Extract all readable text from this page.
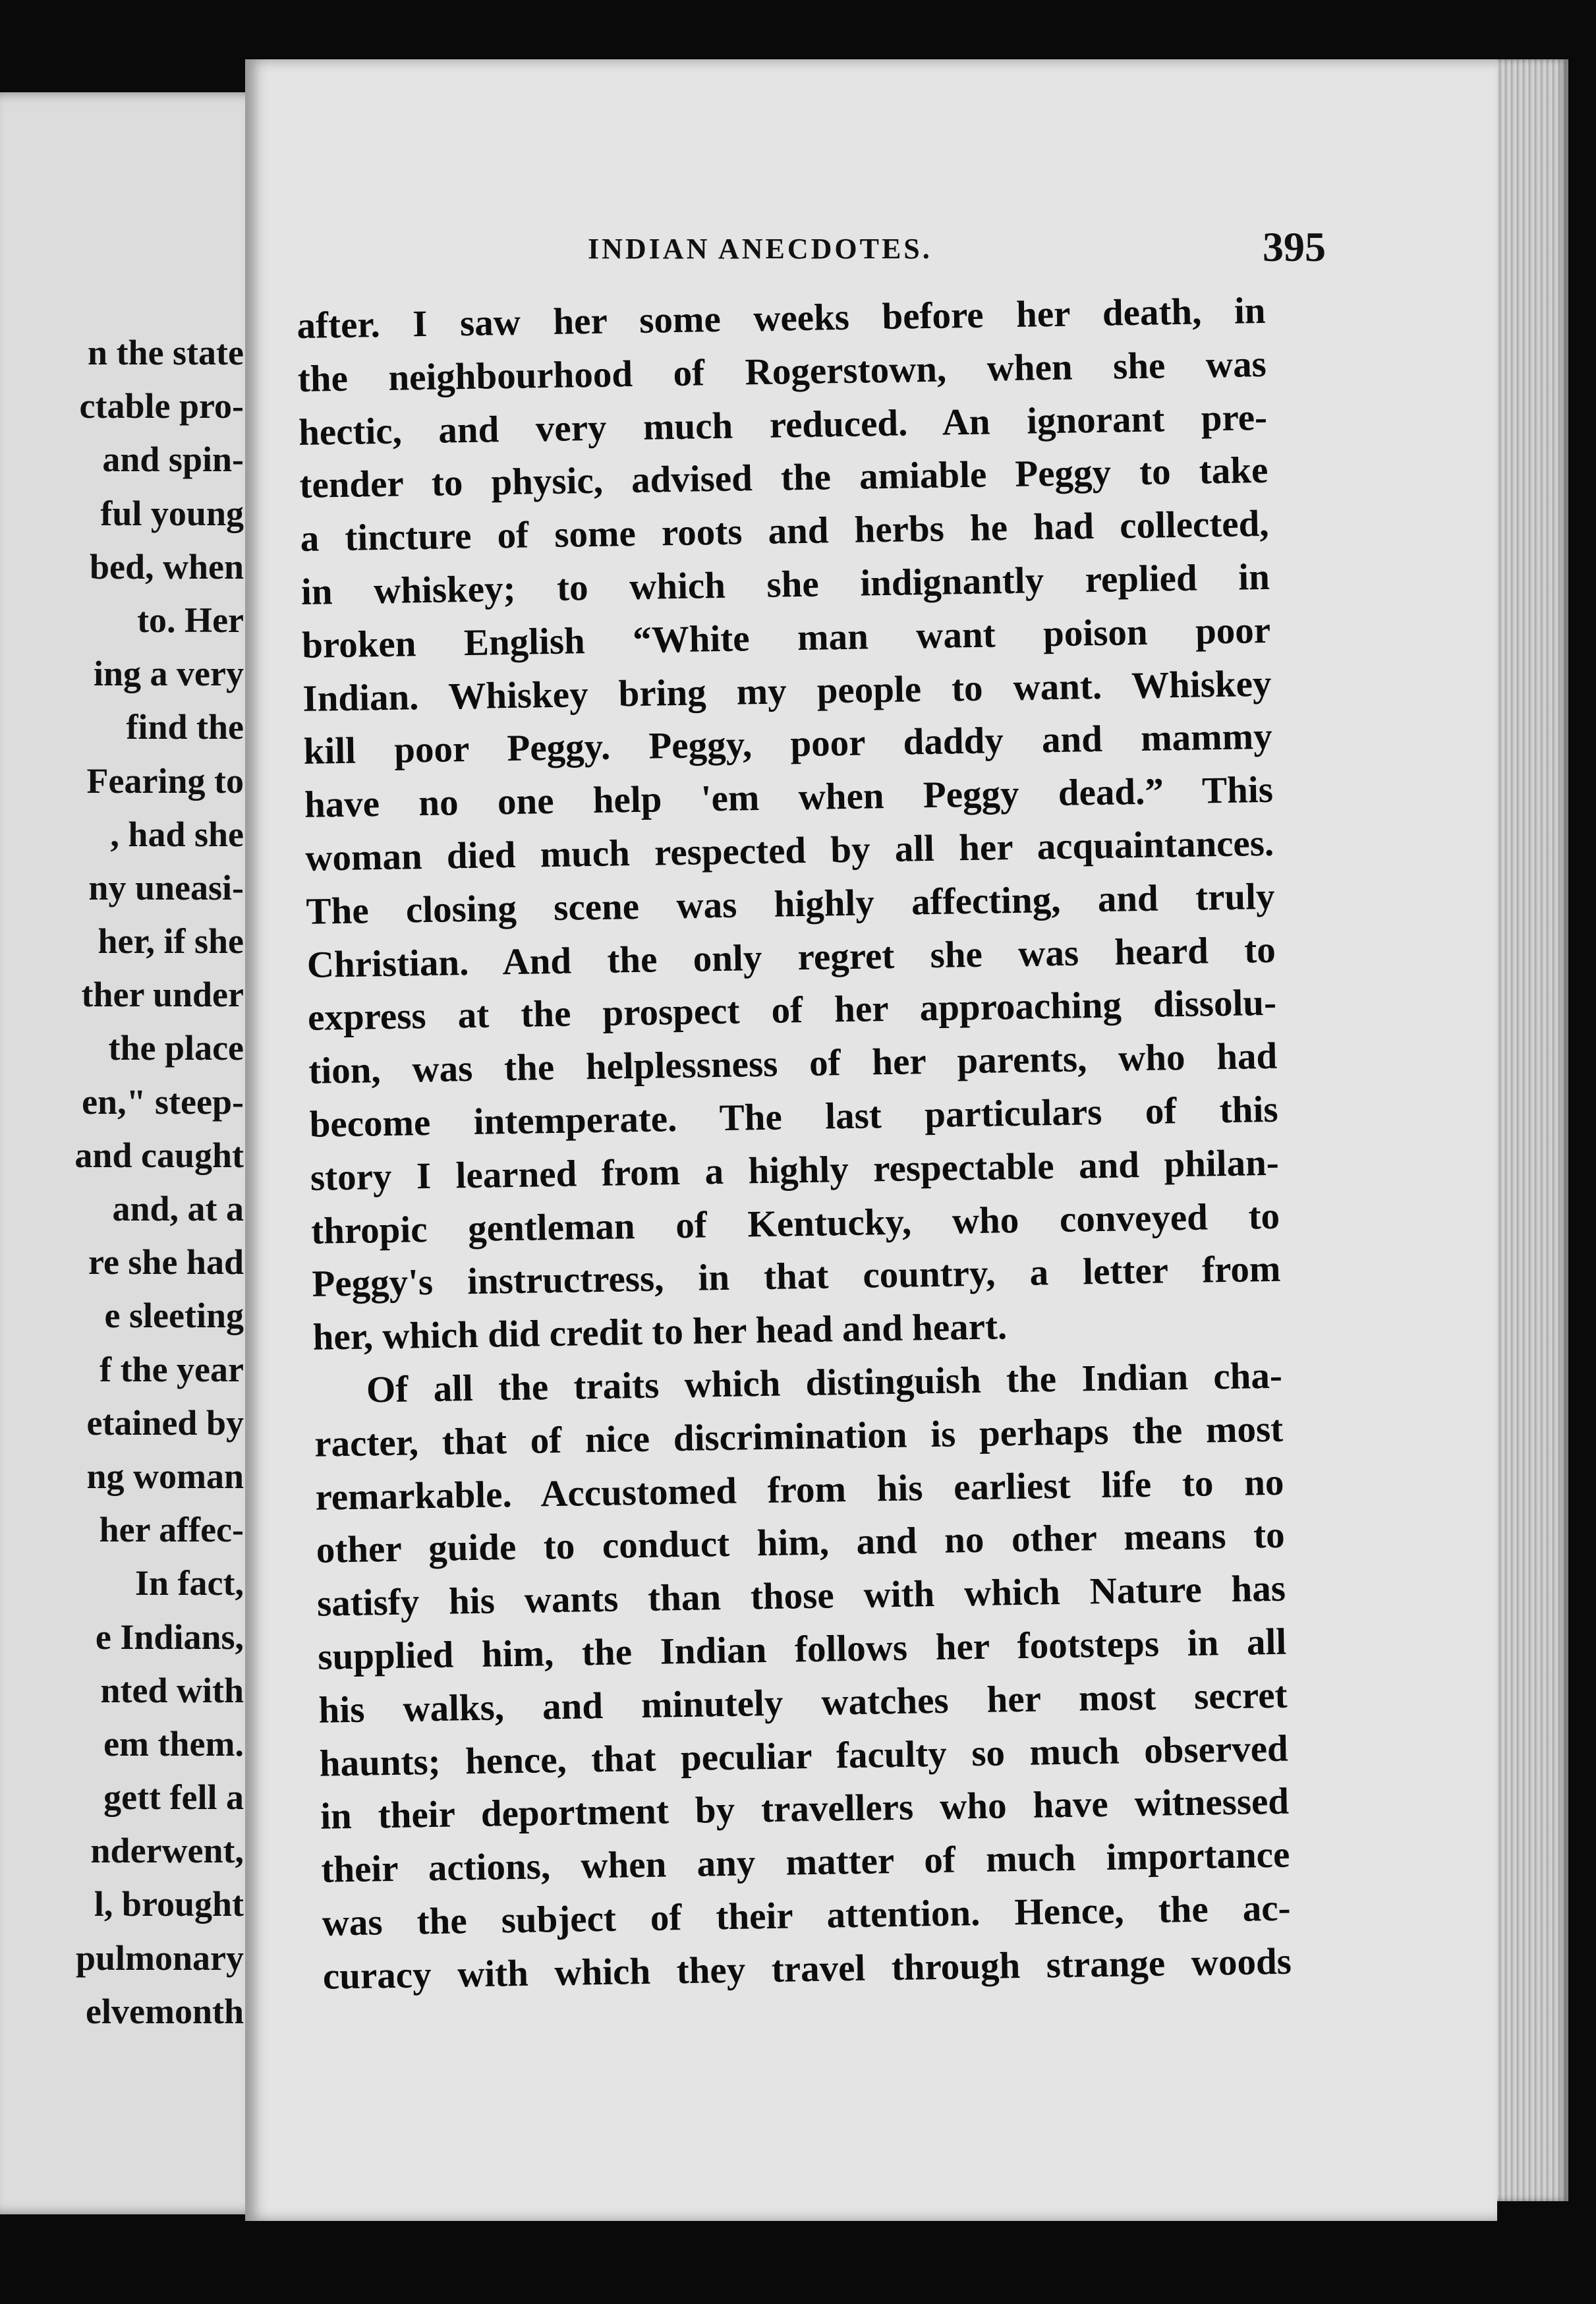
n the state
ctable pro-
and spin-
ful young
bed, when
to. Her
ing a very
find the
Fearing to
, had she
ny uneasi-
her, if she
ther under
the place
en," steep-
and caught
and, at a
re she had
e sleeting
f the year
etained by
ng woman
her affec-
In fact,
e Indians,
nted with
em them.
gett fell a
nderwent,
l, brought
pulmonary
elvemonth
INDIAN ANECDOTES.	395
after. I saw her some weeks before her death, in
the neighbourhood of Rogerstown, when she was
hectic, and very much reduced. An ignorant pre-
tender to physic, advised the amiable Peggy to take
a tincture of some roots and herbs he had collected,
in whiskey; to which she indignantly replied in
broken English “White man want poison poor
Indian. Whiskey bring my people to want. Whiskey
kill poor Peggy. Peggy, poor daddy and mammy
have no one help 'em when Peggy dead.” This
woman died much respected by all her acquaintances.
The closing scene was highly affecting, and truly
Christian. And the only regret she was heard to
express at the prospect of her approaching dissolu-
tion, was the helplessness of her parents, who had
become intemperate. The last particulars of this
story I learned from a highly respectable and philan-
thropic gentleman of Kentucky, who conveyed to
Peggy's instructress, in that country, a letter from
her, which did credit to her head and heart.
Of all the traits which distinguish the Indian cha-
racter, that of nice discrimination is perhaps the most
remarkable. Accustomed from his earliest life to no
other guide to conduct him, and no other means to
satisfy his wants than those with which Nature has
supplied him, the Indian follows her footsteps in all
his walks, and minutely watches her most secret
haunts; hence, that peculiar faculty so much observed
in their deportment by travellers who have witnessed
their actions, when any matter of much importance
was the subject of their attention. Hence, the ac-
curacy with which they travel through strange woods
